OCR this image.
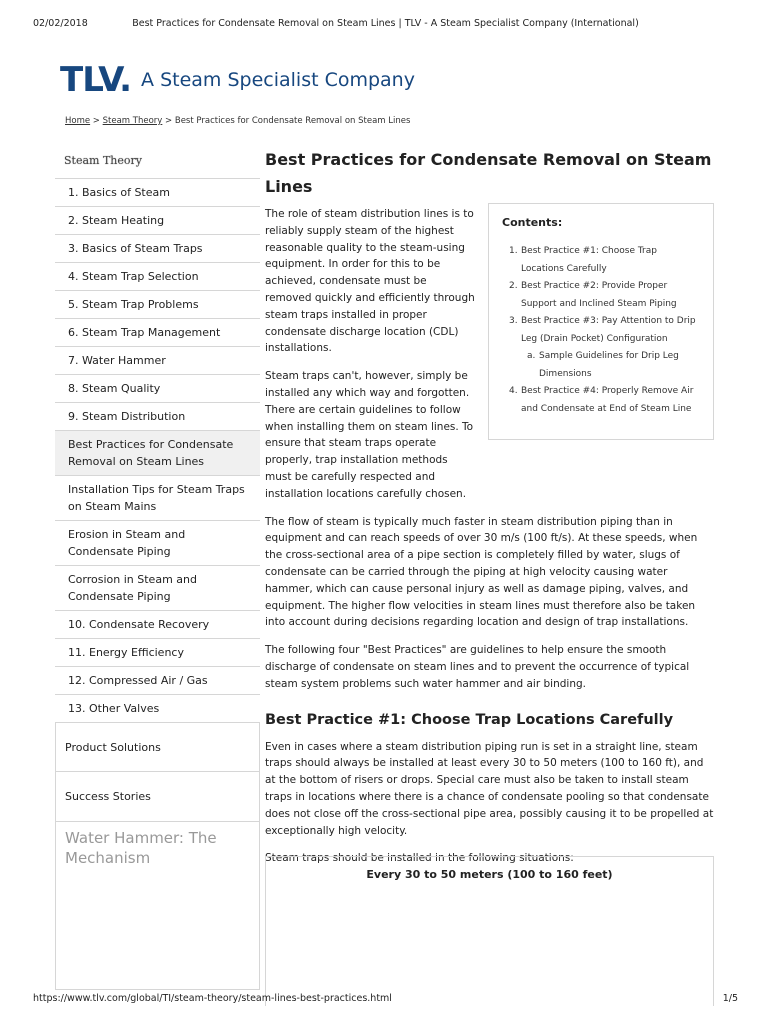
02/02/2018	Best Practices for Condensate Removal on Steam Lines | TLV - A Steam Specialist Company (International)
TLV. A Steam Specialist Company
Home > Steam Theory > Best Practices for Condensate Removal on Steam Lines
Steam Theory
1. Basics of Steam
2. Steam Heating
3. Basics of Steam Traps
4. Steam Trap Selection
5. Steam Trap Problems
6. Steam Trap Management
7. Water Hammer
8. Steam Quality
9. Steam Distribution
Best Practices for Condensate Removal on Steam Lines
Installation Tips for Steam Traps on Steam Mains
Erosion in Steam and Condensate Piping
Corrosion in Steam and Condensate Piping
10. Condensate Recovery
11. Energy Efficiency
12. Compressed Air / Gas
13. Other Valves
Product Solutions
Success Stories
Water Hammer: The Mechanism
Best Practices for Condensate Removal on Steam Lines

The role of steam distribution lines is to reliably supply steam of the highest reasonable quality to the steam-using equipment. In order for this to be achieved, condensate must be removed quickly and efficiently through steam traps installed in proper condensate discharge location (CDL) installations.

Steam traps can't, however, simply be installed any which way and forgotten. There are certain guidelines to follow when installing them on steam lines. To ensure that steam traps operate properly, trap installation methods must be carefully respected and installation locations carefully chosen.

The flow of steam is typically much faster in steam distribution piping than in equipment and can reach speeds of over 30 m/s (100 ft/s). At these speeds, when the cross-sectional area of a pipe section is completely filled by water, slugs of condensate can be carried through the piping at high velocity causing water hammer, which can cause personal injury as well as damage piping, valves, and equipment. The higher flow velocities in steam lines must therefore also be taken into account during decisions regarding location and design of trap installations.

The following four "Best Practices" are guidelines to help ensure the smooth discharge of condensate on steam lines and to prevent the occurrence of typical steam system problems such water hammer and air binding.

Best Practice #1: Choose Trap Locations Carefully

Even in cases where a steam distribution piping run is set in a straight line, steam traps should always be installed at least every 30 to 50 meters (100 to 160 ft), and at the bottom of risers or drops. Special care must also be taken to install steam traps in locations where there is a chance of condensate pooling so that condensate does not close off the cross-sectional pipe area, possibly causing it to be propelled at exceptionally high velocity.

Steam traps should be installed in the following situations:

Contents:
1. Best Practice #1: Choose Trap Locations Carefully
2. Best Practice #2: Provide Proper Support and Inclined Steam Piping
3. Best Practice #3: Pay Attention to Drip Leg (Drain Pocket) Configuration
a. Sample Guidelines for Drip Leg Dimensions
4. Best Practice #4: Properly Remove Air and Condensate at End of Steam Line
Every 30 to 50 meters (100 to 160 feet)
https://www.tlv.com/global/TI/steam-theory/steam-lines-best-practices.html	1/5
